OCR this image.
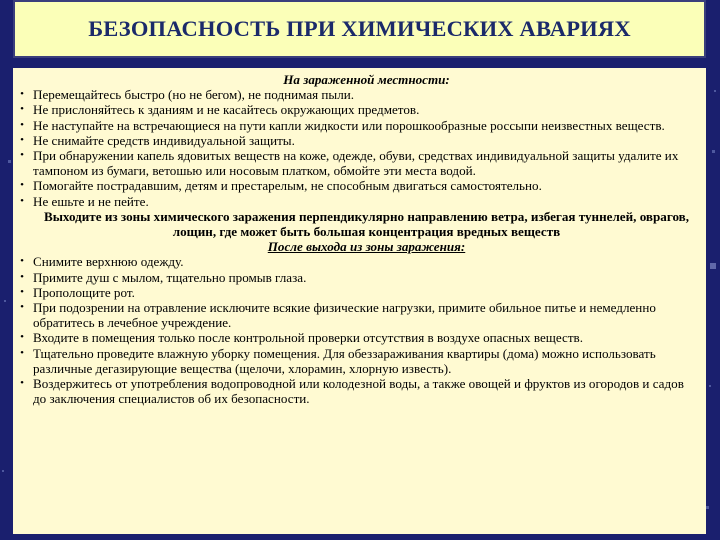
БЕЗОПАСНОСТЬ ПРИ ХИМИЧЕСКИХ АВАРИЯХ

На зараженной местности:

• Перемещайтесь быстро (но не бегом), не поднимая пыли.
• Не прислоняйтесь к зданиям и не касайтесь окружающих предметов.
• Не наступайте на встречающиеся на пути капли жидкости или порошкообразные россыпи неизвестных веществ.
• Не снимайте средств индивидуальной защиты.
• При обнаружении капель ядовитых веществ на коже, одежде, обуви, средствах индивидуальной защиты удалите их тампоном из бумаги, ветошью или носовым платком, обмойте эти места водой.
• Помогайте пострадавшим, детям и престарелым, не способным двигаться самостоятельно.
• Не ешьте и не пейте.

Выходите из зоны химического заражения перпендикулярно направлению ветра, избегая туннелей, оврагов, лощин, где может быть большая концентрация вредных веществ

После выхода из зоны заражения:

• Снимите верхнюю одежду.
• Примите душ с мылом, тщательно промыв глаза.
• Прополощите рот.
• При подозрении на отравление исключите всякие физические нагрузки, примите обильное питье и немедленно обратитесь в лечебное учреждение.
• Входите в помещения только после контрольной проверки отсутствия в воздухе опасных веществ.
• Тщательно проведите влажную уборку помещения. Для обеззараживания квартиры (дома) можно использовать различные дегазирующие вещества (щелочи, хлорамин, хлорную известь).
• Воздержитесь от употребления водопроводной или колодезной воды, а также овощей и фруктов из огородов и садов до заключения специалистов об их безопасности.
